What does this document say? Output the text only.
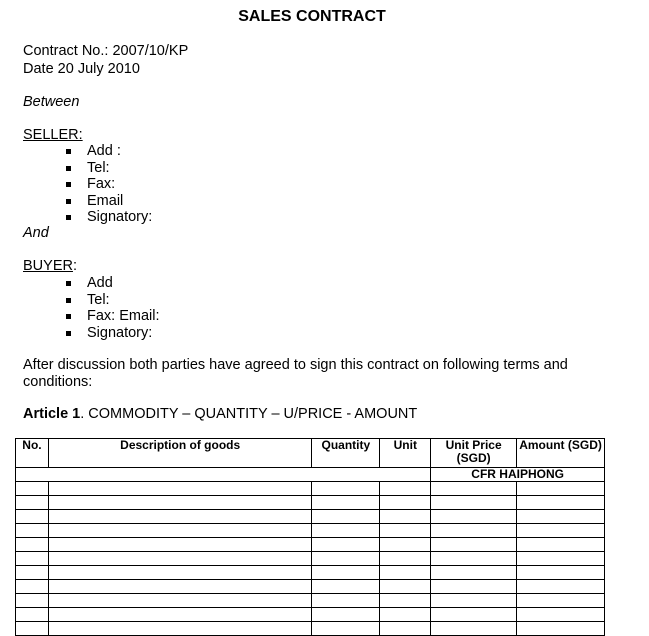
SALES CONTRACT
Contract No.: 2007/10/KP
Date 20 July 2010
Between
SELLER:
Add :
Tel:
Fax:
Email
Signatory:
And
BUYER:
Add
Tel:
Fax: Email:
Signatory:
After discussion both parties have agreed to sign this contract on following terms and
conditions:
Article 1. COMMODITY – QUANTITY – U/PRICE - AMOUNT
No.	Description of goods	Quantity	Unit	Unit Price (SGD)	Amount (SGD)
				CFR HAIPHONG	
